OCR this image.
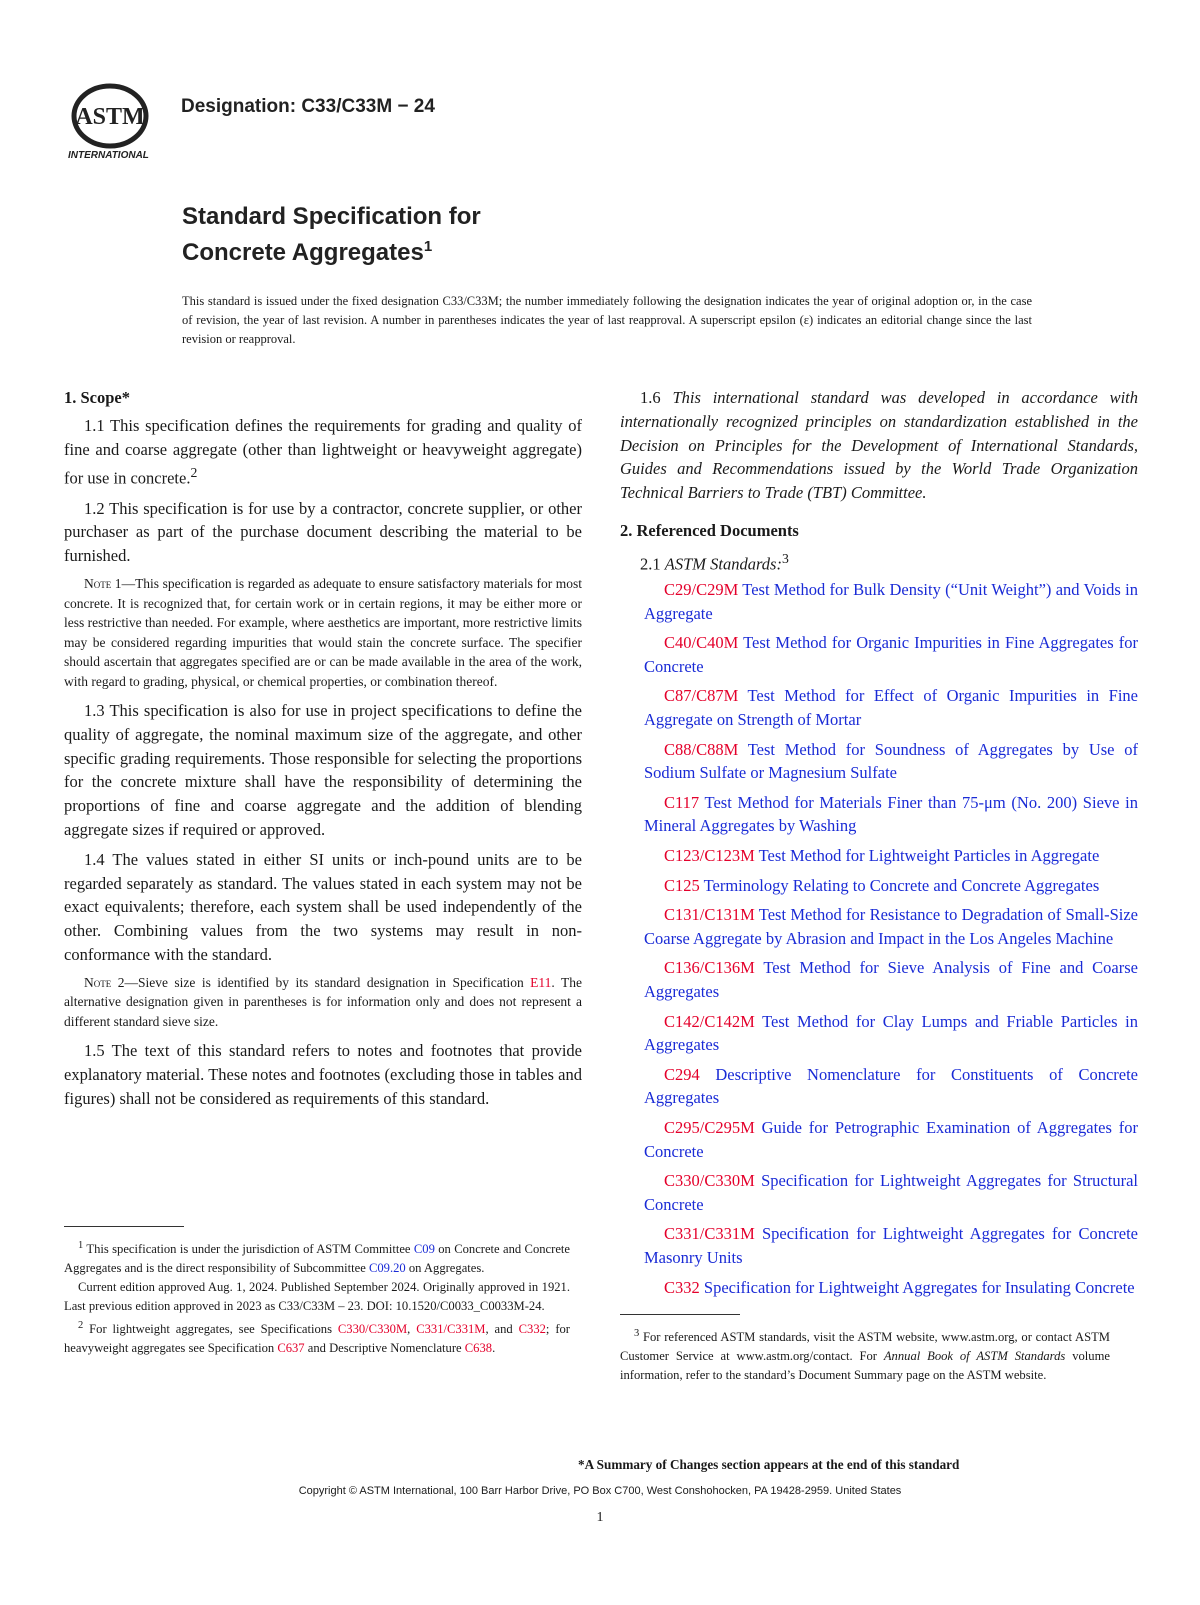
ASTM
INTERNATIONAL
Designation: C33/C33M − 24
Standard Specification for
Concrete Aggregates$^1$
This standard is issued under the fixed designation C33/C33M; the number immediately following the designation indicates the year of original adoption or, in the case of revision, the year of last revision. A number in parentheses indicates the year of last reapproval. A superscript epsilon (ε) indicates an editorial change since the last revision or reapproval.
1. Scope*

1.1 This specification defines the requirements for grading and quality of fine and coarse aggregate (other than lightweight or heavyweight aggregate) for use in concrete.$^2$

1.2 This specification is for use by a contractor, concrete supplier, or other purchaser as part of the purchase document describing the material to be furnished.

Note 1—This specification is regarded as adequate to ensure satisfactory materials for most concrete. It is recognized that, for certain work or in certain regions, it may be either more or less restrictive than needed. For example, where aesthetics are important, more restrictive limits may be considered regarding impurities that would stain the concrete surface. The specifier should ascertain that aggregates specified are or can be made available in the area of the work, with regard to grading, physical, or chemical properties, or combination thereof.

1.3 This specification is also for use in project specifications to define the quality of aggregate, the nominal maximum size of the aggregate, and other specific grading requirements. Those responsible for selecting the proportions for the concrete mixture shall have the responsibility of determining the proportions of fine and coarse aggregate and the addition of blending aggregate sizes if required or approved.

1.4 The values stated in either SI units or inch-pound units are to be regarded separately as standard. The values stated in each system may not be exact equivalents; therefore, each system shall be used independently of the other. Combining values from the two systems may result in non-conformance with the standard.

Note 2—Sieve size is identified by its standard designation in Specification E11. The alternative designation given in parentheses is for information only and does not represent a different standard sieve size.

1.5 The text of this standard refers to notes and footnotes that provide explanatory material. These notes and footnotes (excluding those in tables and figures) shall not be considered as requirements of this standard.

1.6 This international standard was developed in accordance with internationally recognized principles on standardization established in the Decision on Principles for the Development of International Standards, Guides and Recommendations issued by the World Trade Organization Technical Barriers to Trade (TBT) Committee.

2. Referenced Documents

2.1 ASTM Standards:$^3$

C29/C29M Test Method for Bulk Density (“Unit Weight”) and Voids in Aggregate

C40/C40M Test Method for Organic Impurities in Fine Aggregates for Concrete

C87/C87M Test Method for Effect of Organic Impurities in Fine Aggregate on Strength of Mortar

C88/C88M Test Method for Soundness of Aggregates by Use of Sodium Sulfate or Magnesium Sulfate

C117 Test Method for Materials Finer than 75-μm (No. 200) Sieve in Mineral Aggregates by Washing

C123/C123M Test Method for Lightweight Particles in Aggregate

C125 Terminology Relating to Concrete and Concrete Aggregates

C131/C131M Test Method for Resistance to Degradation of Small-Size Coarse Aggregate by Abrasion and Impact in the Los Angeles Machine

C136/C136M Test Method for Sieve Analysis of Fine and Coarse Aggregates

C142/C142M Test Method for Clay Lumps and Friable Particles in Aggregates

C294 Descriptive Nomenclature for Constituents of Concrete Aggregates

C295/C295M Guide for Petrographic Examination of Aggregates for Concrete

C330/C330M Specification for Lightweight Aggregates for Structural Concrete

C331/C331M Specification for Lightweight Aggregates for Concrete Masonry Units

C332 Specification for Lightweight Aggregates for Insulating Concrete

$^1$ This specification is under the jurisdiction of ASTM Committee C09 on Concrete and Concrete Aggregates and is the direct responsibility of Subcommittee C09.20 on Aggregates.

Current edition approved Aug. 1, 2024. Published September 2024. Originally approved in 1921. Last previous edition approved in 2023 as C33/C33M – 23. DOI: 10.1520/C0033_C0033M-24.

$^2$ For lightweight aggregates, see Specifications C330/C330M, C331/C331M, and C332; for heavyweight aggregates see Specification C637 and Descriptive Nomenclature C638.

$^3$ For referenced ASTM standards, visit the ASTM website, www.astm.org, or contact ASTM Customer Service at www.astm.org/contact. For Annual Book of ASTM Standards volume information, refer to the standard’s Document Summary page on the ASTM website.

*A Summary of Changes section appears at the end of this standard
Copyright © ASTM International, 100 Barr Harbor Drive, PO Box C700, West Conshohocken, PA 19428-2959. United States
1
